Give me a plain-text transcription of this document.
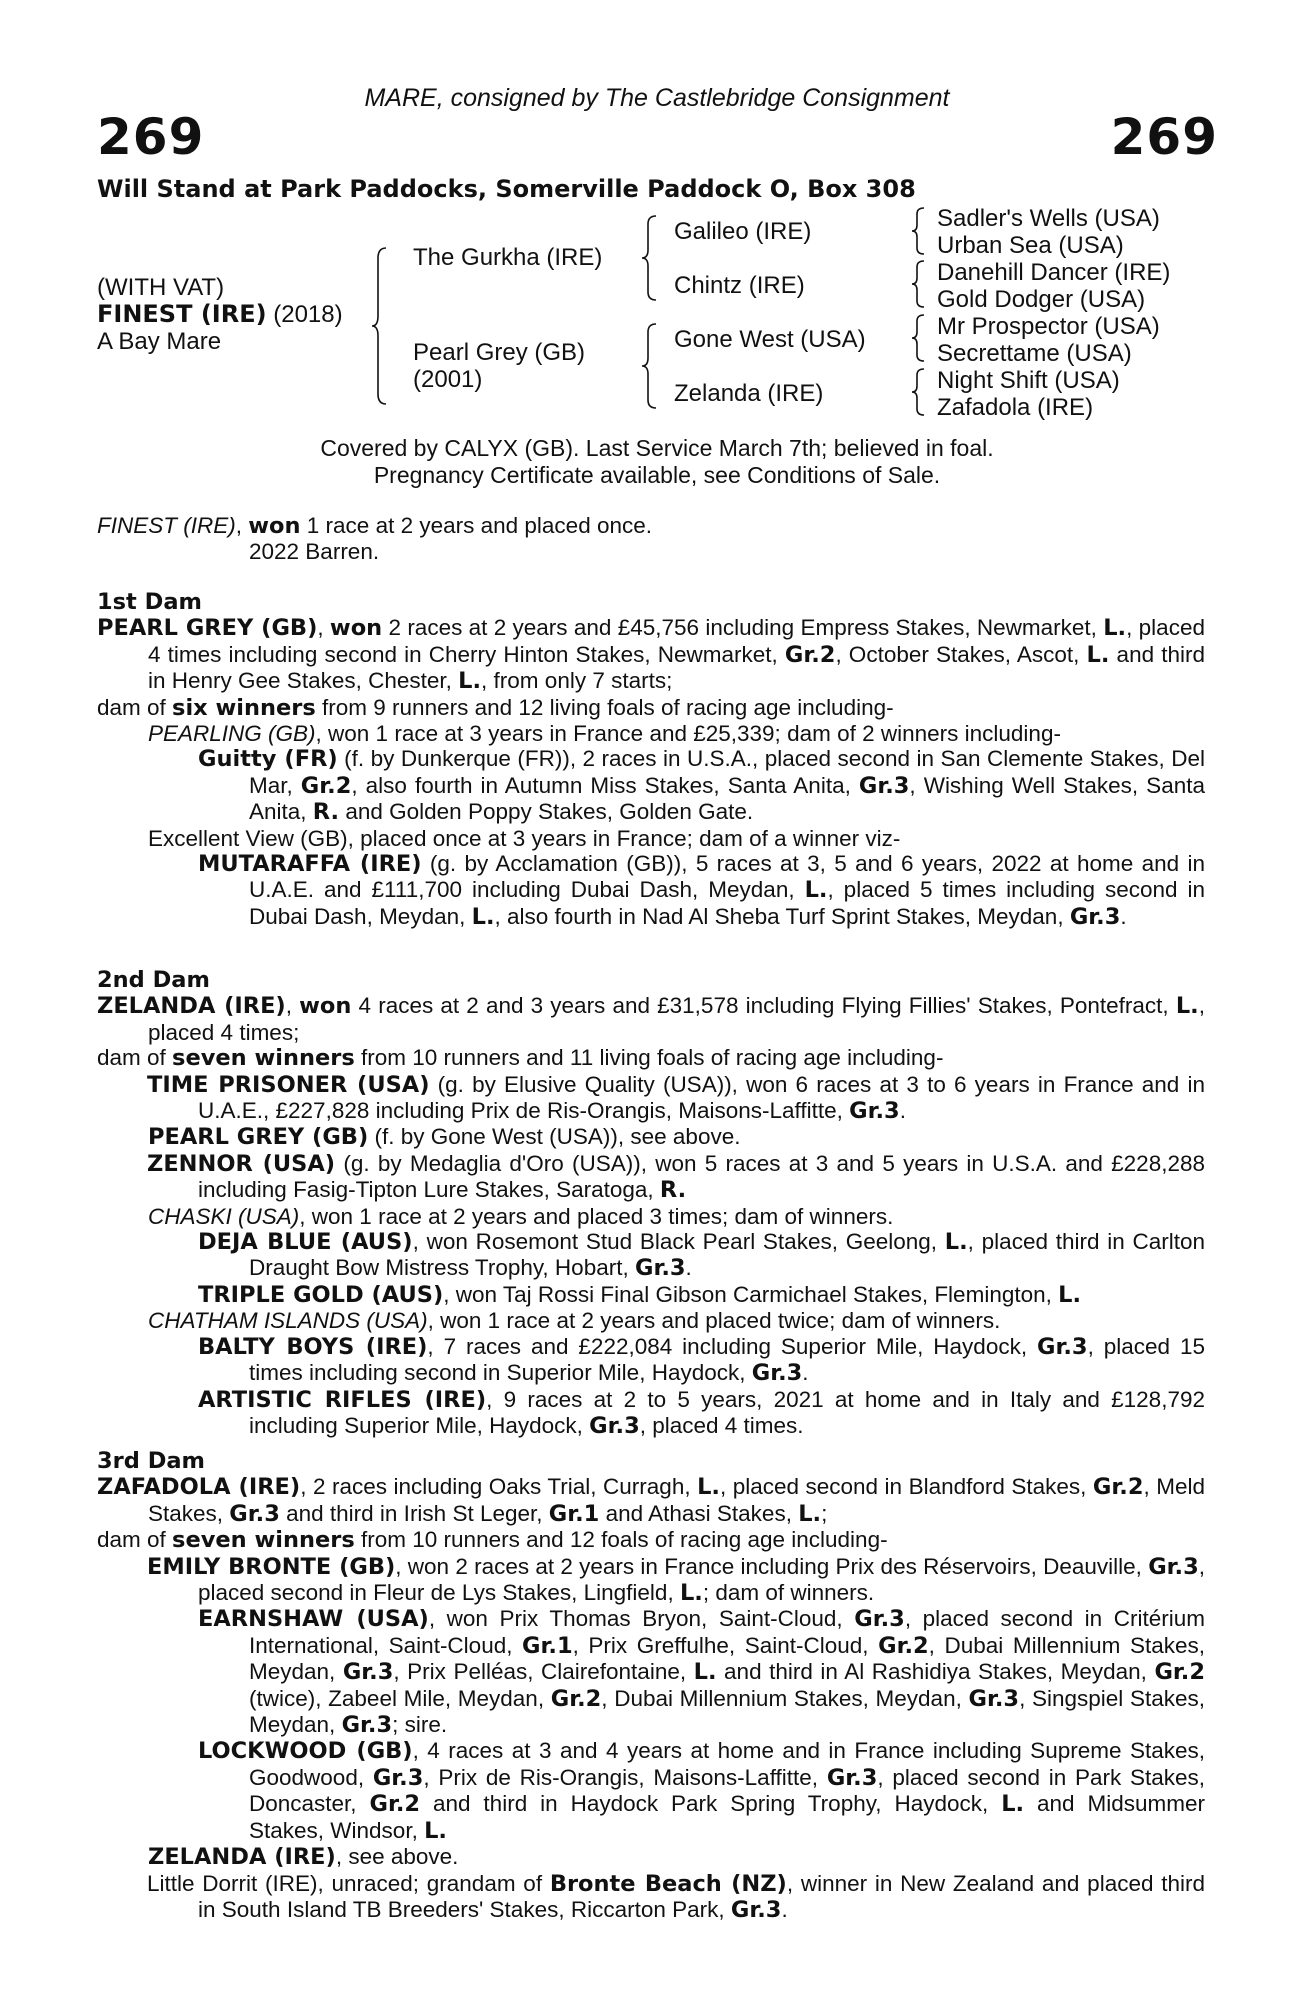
MARE, consigned by The Castlebridge Consignment
269	269
Will Stand at Park Paddocks, Somerville Paddock O, Box 308
(WITH VAT)
FINEST (IRE) (2018)
A Bay Mare
The Gurkha (IRE)
Pearl Grey (GB)
(2001)
Galileo (IRE)
Chintz (IRE)
Gone West (USA)
Zelanda (IRE)
Sadler's Wells (USA)
Urban Sea (USA)
Danehill Dancer (IRE)
Gold Dodger (USA)
Mr Prospector (USA)
Secrettame (USA)
Night Shift (USA)
Zafadola (IRE)
Covered by CALYX (GB). Last Service March 7th; believed in foal.
Pregnancy Certificate available, see Conditions of Sale.

FINEST (IRE), won 1 race at 2 years and placed once.

2022 Barren.

1st Dam

PEARL GREY (GB), won 2 races at 2 years and £45,756 including Empress Stakes, Newmarket, L., placed 4 times including second in Cherry Hinton Stakes, Newmarket, Gr.2, October Stakes, Ascot, L. and third in Henry Gee Stakes, Chester, L., from only 7 starts;

dam of six winners from 9 runners and 12 living foals of racing age including-

PEARLING (GB), won 1 race at 3 years in France and £25,339; dam of 2 winners including-

Guitty (FR) (f. by Dunkerque (FR)), 2 races in U.S.A., placed second in San Clemente Stakes, Del Mar, Gr.2, also fourth in Autumn Miss Stakes, Santa Anita, Gr.3, Wishing Well Stakes, Santa Anita, R. and Golden Poppy Stakes, Golden Gate.

Excellent View (GB), placed once at 3 years in France; dam of a winner viz-

MUTARAFFA (IRE) (g. by Acclamation (GB)), 5 races at 3, 5 and 6 years, 2022 at home and in U.A.E. and £111,700 including Dubai Dash, Meydan, L., placed 5 times including second in Dubai Dash, Meydan, L., also fourth in Nad Al Sheba Turf Sprint Stakes, Meydan, Gr.3.

2nd Dam

ZELANDA (IRE), won 4 races at 2 and 3 years and £31,578 including Flying Fillies' Stakes, Pontefract, L., placed 4 times;

dam of seven winners from 10 runners and 11 living foals of racing age including-

TIME PRISONER (USA) (g. by Elusive Quality (USA)), won 6 races at 3 to 6 years in France and in U.A.E., £227,828 including Prix de Ris-Orangis, Maisons-Laffitte, Gr.3.

PEARL GREY (GB) (f. by Gone West (USA)), see above.

ZENNOR (USA) (g. by Medaglia d'Oro (USA)), won 5 races at 3 and 5 years in U.S.A. and £228,288 including Fasig-Tipton Lure Stakes, Saratoga, R.

CHASKI (USA), won 1 race at 2 years and placed 3 times; dam of winners.

DEJA BLUE (AUS), won Rosemont Stud Black Pearl Stakes, Geelong, L., placed third in Carlton Draught Bow Mistress Trophy, Hobart, Gr.3.

TRIPLE GOLD (AUS), won Taj Rossi Final Gibson Carmichael Stakes, Flemington, L.

CHATHAM ISLANDS (USA), won 1 race at 2 years and placed twice; dam of winners.

BALTY BOYS (IRE), 7 races and £222,084 including Superior Mile, Haydock, Gr.3, placed 15 times including second in Superior Mile, Haydock, Gr.3.

ARTISTIC RIFLES (IRE), 9 races at 2 to 5 years, 2021 at home and in Italy and £128,792 including Superior Mile, Haydock, Gr.3, placed 4 times.

3rd Dam

ZAFADOLA (IRE), 2 races including Oaks Trial, Curragh, L., placed second in Blandford Stakes, Gr.2, Meld Stakes, Gr.3 and third in Irish St Leger, Gr.1 and Athasi Stakes, L.;

dam of seven winners from 10 runners and 12 foals of racing age including-

EMILY BRONTE (GB), won 2 races at 2 years in France including Prix des Réservoirs, Deauville, Gr.3, placed second in Fleur de Lys Stakes, Lingfield, L.; dam of winners.

EARNSHAW (USA), won Prix Thomas Bryon, Saint-Cloud, Gr.3, placed second in Critérium International, Saint-Cloud, Gr.1, Prix Greffulhe, Saint-Cloud, Gr.2, Dubai Millennium Stakes, Meydan, Gr.3, Prix Pelléas, Clairefontaine, L. and third in Al Rashidiya Stakes, Meydan, Gr.2 (twice), Zabeel Mile, Meydan, Gr.2, Dubai Millennium Stakes, Meydan, Gr.3, Singspiel Stakes, Meydan, Gr.3; sire.

LOCKWOOD (GB), 4 races at 3 and 4 years at home and in France including Supreme Stakes, Goodwood, Gr.3, Prix de Ris-Orangis, Maisons-Laffitte, Gr.3, placed second in Park Stakes, Doncaster, Gr.2 and third in Haydock Park Spring Trophy, Haydock, L. and Midsummer Stakes, Windsor, L.

ZELANDA (IRE), see above.

Little Dorrit (IRE), unraced; grandam of Bronte Beach (NZ), winner in New Zealand and placed third in South Island TB Breeders' Stakes, Riccarton Park, Gr.3.
